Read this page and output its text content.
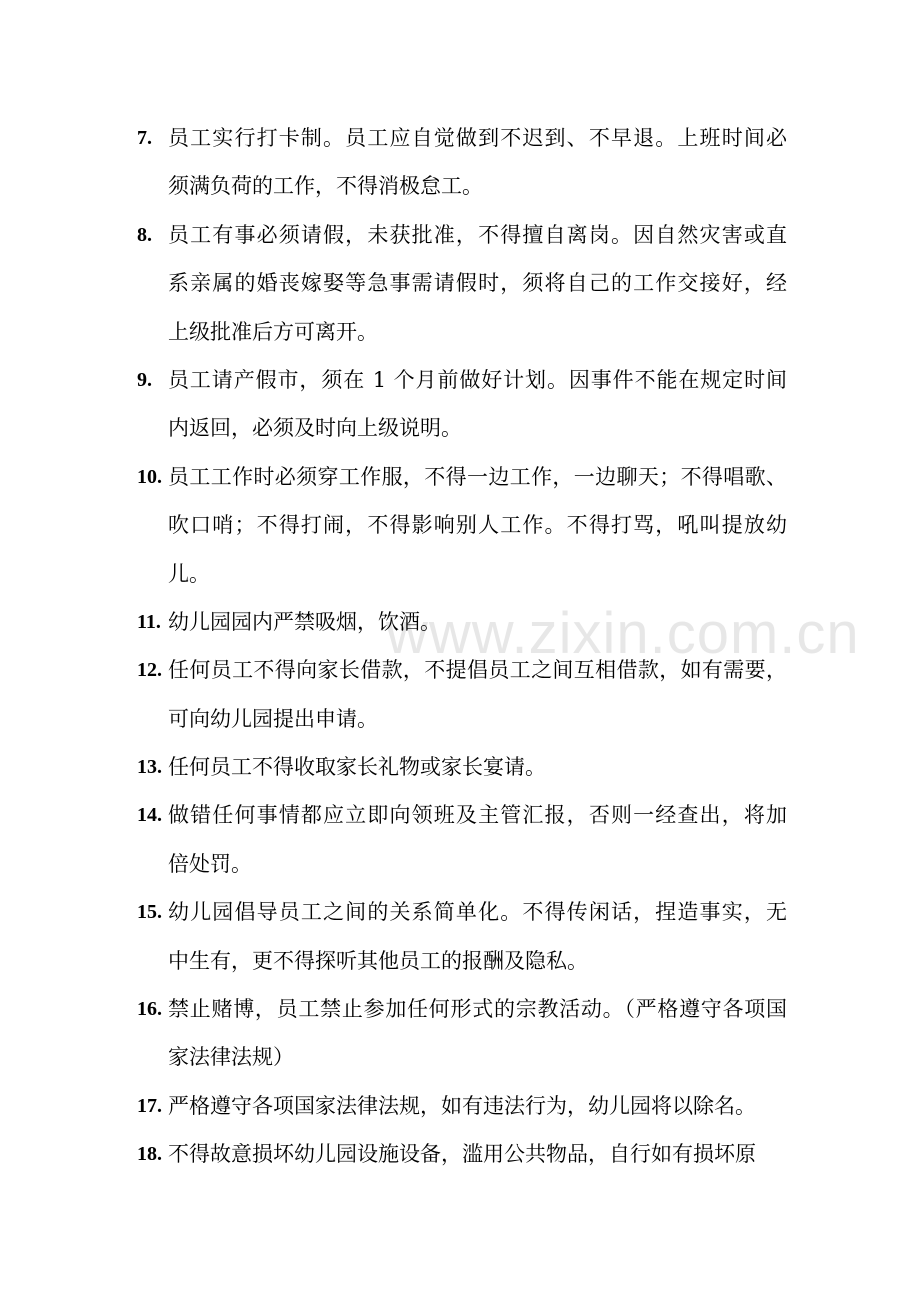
7. 员工实行打卡制。员工应自觉做到不迟到、不早退。上班时间必
须满负荷的工作，不得消极怠工。
8. 员工有事必须请假，未获批准，不得擅自离岗。因自然灾害或直
系亲属的婚丧嫁娶等急事需请假时，须将自己的工作交接好，经
上级批准后方可离开。
9. 员工请产假市，须在 1 个月前做好计划。因事件不能在规定时间
内返回，必须及时向上级说明。
10. 员工工作时必须穿工作服，不得一边工作，一边聊天；不得唱歌、
吹口哨；不得打闹，不得影响别人工作。不得打骂，吼叫提放幼
儿。
11. 幼儿园园内严禁吸烟，饮酒。
12. 任何员工不得向家长借款，不提倡员工之间互相借款，如有需要，
可向幼儿园提出申请。
13. 任何员工不得收取家长礼物或家长宴请。
14. 做错任何事情都应立即向领班及主管汇报，否则一经查出，将加
倍处罚。
15. 幼儿园倡导员工之间的关系简单化。不得传闲话，捏造事实，无
中生有，更不得探听其他员工的报酬及隐私。
16. 禁止赌博，员工禁止参加任何形式的宗教活动。（严格遵守各项国
家法律法规）
17. 严格遵守各项国家法律法规，如有违法行为，幼儿园将以除名。
18. 不得故意损坏幼儿园设施设备，滥用公共物品，自行如有损坏原
www.zixin.com.cn
